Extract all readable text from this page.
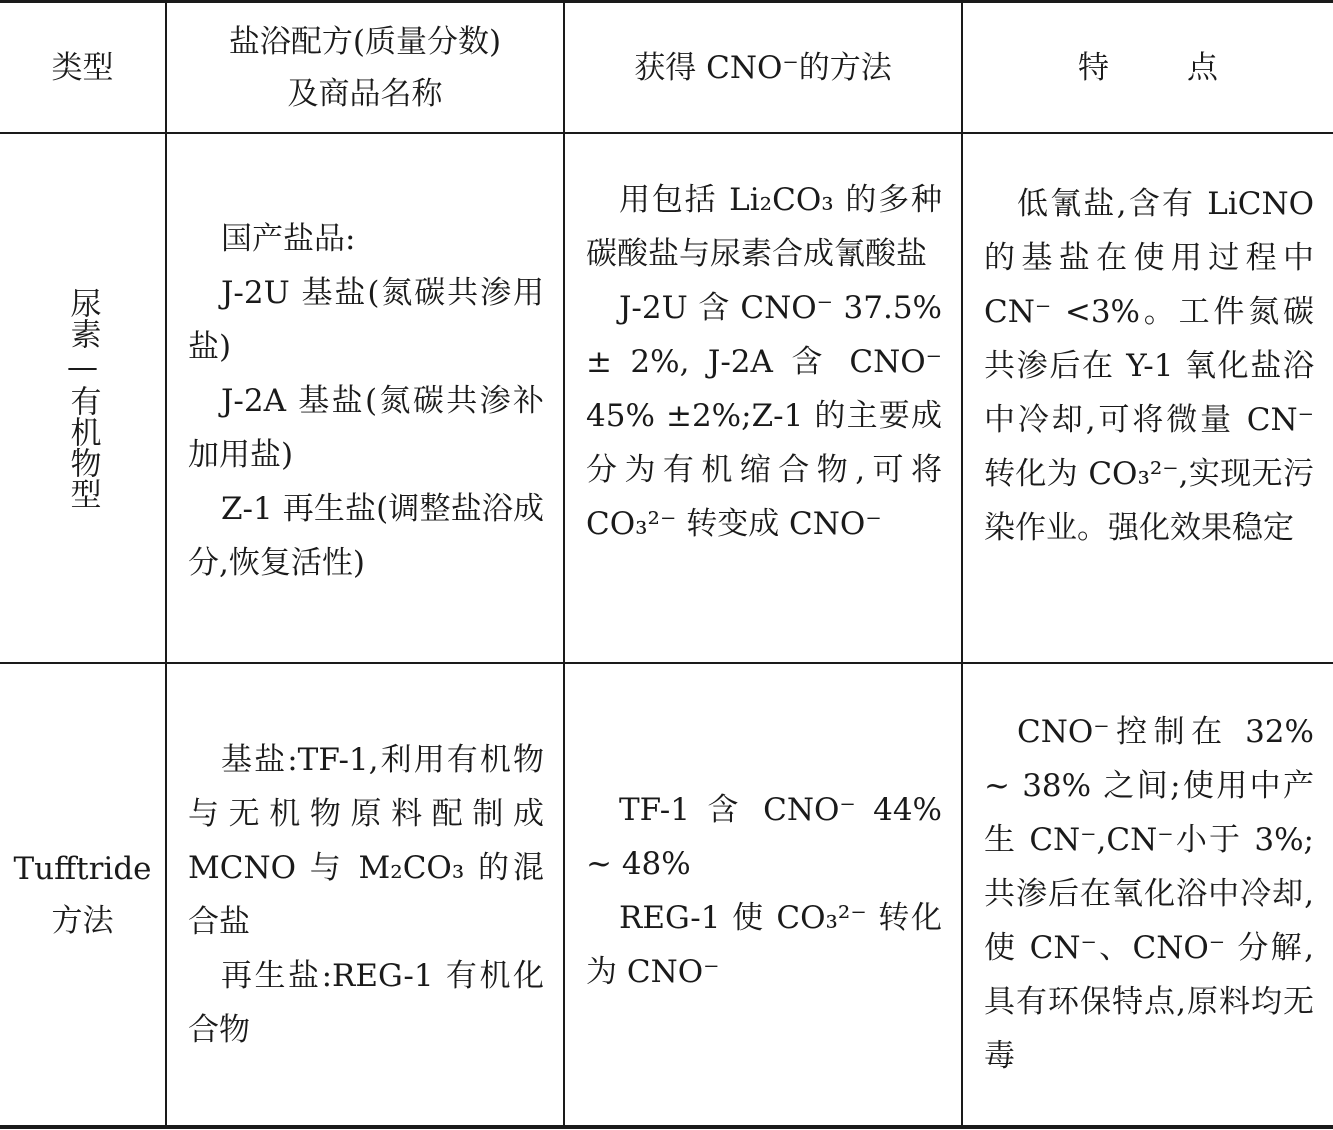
类型
盐浴配方(质量分数)
及商品名称
获得 CNO⁻的方法	特	点
尿素—有机物型

国产盐品:

J-2U 基盐(氮碳共渗用盐)

J-2A 基盐(氮碳共渗补加用盐)

Z-1 再生盐(调整盐浴成分,恢复活性)

用包括 Li₂CO₃ 的多种碳酸盐与尿素合成氰酸盐

J-2U 含 CNO⁻ 37.5% ± 2%, J-2A 含 CNO⁻ 45% ±2%;Z-1 的主要成分为有机缩合物,可将 CO₃²⁻ 转变成 CNO⁻

低氰盐,含有 LiCNO 的基盐在使用过程中 CN⁻ <3%。工件氮碳共渗后在 Y-1 氧化盐浴中冷却,可将微量 CN⁻ 转化为 CO₃²⁻,实现无污染作业。强化效果稳定

Tufftride
方法

基盐:TF-1,利用有机物与无机物原料配制成 MCNO 与 M₂CO₃ 的混合盐

再生盐:REG-1 有机化合物

TF-1 含 CNO⁻ 44% ~ 48%

REG-1 使 CO₃²⁻ 转化为 CNO⁻

CNO⁻控制在 32% ~ 38% 之间;使用中产生 CN⁻,CN⁻小于 3%;共渗后在氧化浴中冷却,使 CN⁻、CNO⁻ 分解,具有环保特点,原料均无毒
